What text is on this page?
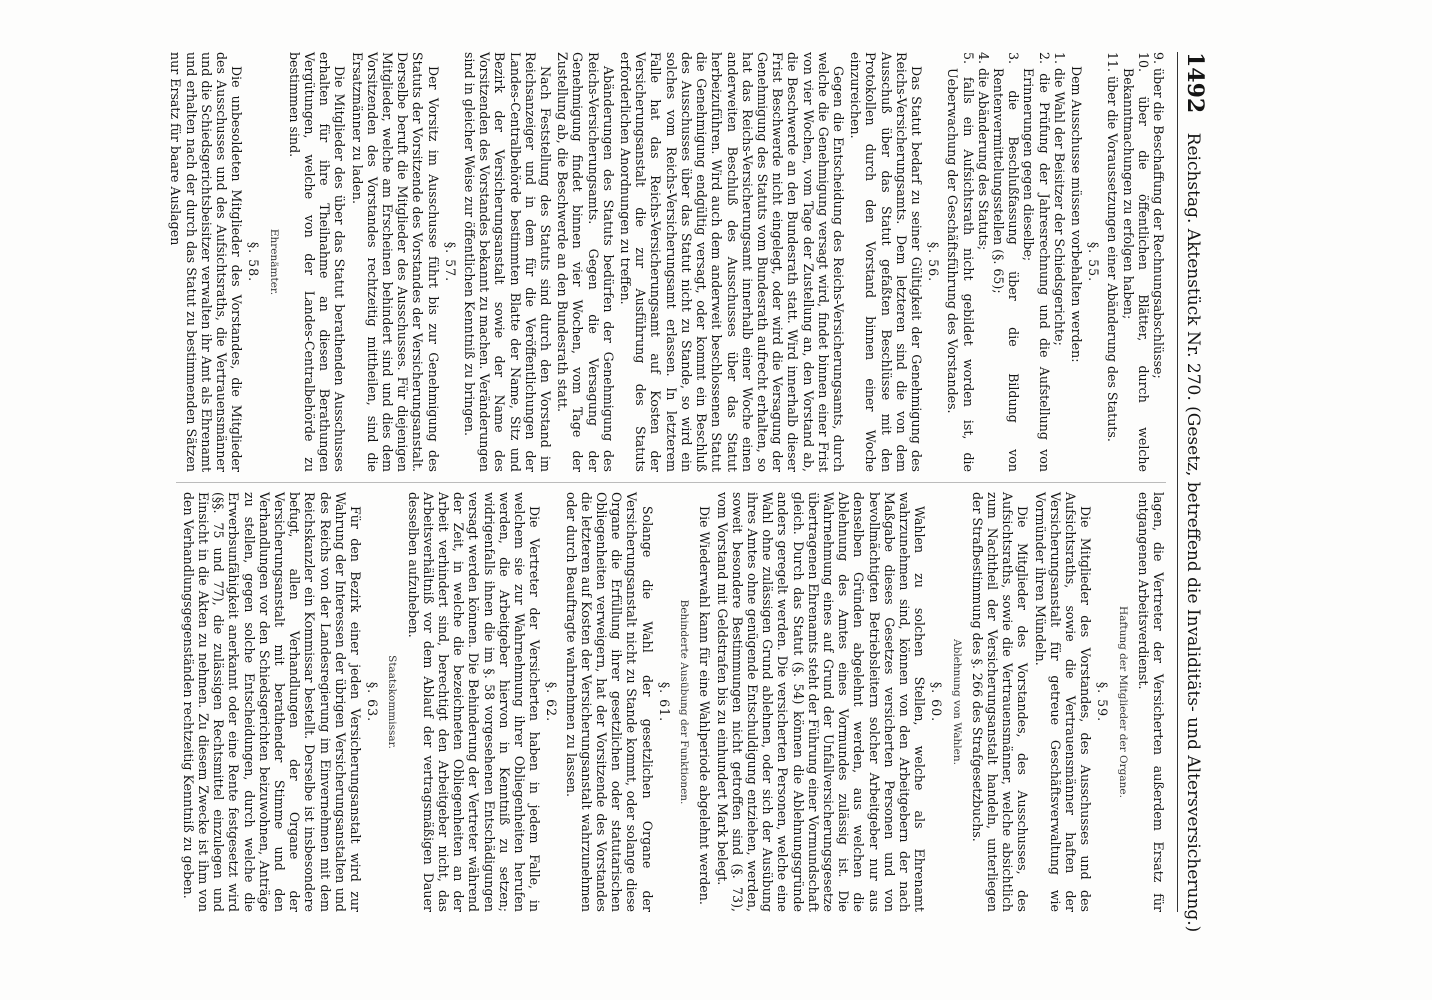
1492 Reichstag. Aktenstück Nr. 270. (Gesetz, betreffend die Invaliditäts- und Altersversicherung.)

9. über die Beschaffung der Rechnungsabschlüsse;

10. über die öffentlichen Blätter, durch welche Bekanntmachungen zu erfolgen haben;

11. über die Voraussetzungen einer Abänderung des Statuts.

§. 55.

Dem Ausschusse müssen vorbehalten werden:

1. die Wahl der Beisitzer der Schiedsgerichte;

2. die Prüfung der Jahresrechnung und die Aufstellung von Erinnerungen gegen dieselbe;

3. die Beschlußfassung über die Bildung von Rentenvermittelungsstellen (§. 65);

4. die Abänderung des Statuts;

5. falls ein Aufsichtsrath nicht gebildet worden ist, die Ueberwachung der Geschäftsführung des Vorstandes.

§. 56.

Das Statut bedarf zu seiner Gültigkeit der Genehmigung des Reichs-Versicherungsamts. Dem letzteren sind die von dem Ausschuß über das Statut gefaßten Beschlüsse mit den Protokollen durch den Vorstand binnen einer Woche einzureichen.

Gegen die Entscheidung des Reichs-Versicherungsamts, durch welche die Genehmigung versagt wird, findet binnen einer Frist von vier Wochen, vom Tage der Zustellung an, den Vorstand ab, die Beschwerde an den Bundesrath statt. Wird innerhalb dieser Frist Beschwerde nicht eingelegt, oder wird die Versagung der Genehmigung des Statuts vom Bundesrath aufrecht erhalten, so hat das Reichs-Versicherungsamt innerhalb einer Woche einen anderweiten Beschluß des Ausschusses über das Statut herbeizuführen. Wird auch dem anderweit beschlossenen Statut die Genehmigung endgültig versagt, oder kommt ein Beschluß des Ausschusses über das Statut nicht zu Stande, so wird ein solches vom Reichs-Versicherungsamt erlassen. In letzterem Falle hat das Reichs-Versicherungsamt auf Kosten der Versicherungsanstalt die zur Ausführung des Statuts erforderlichen Anordnungen zu treffen.

Abänderungen des Statuts bedürfen der Genehmigung des Reichs-Versicherungsamts. Gegen die Versagung der Genehmigung findet binnen vier Wochen, vom Tage der Zustellung ab, die Beschwerde an den Bundesrath statt.

Nach Feststellung des Statuts sind durch den Vorstand im Reichsanzeiger und in dem für die Veröffentlichungen der Landes-Centralbehörde bestimmten Blatte der Name, Sitz und Bezirk der Versicherungsanstalt sowie der Name des Vorsitzenden des Vorstandes bekannt zu machen. Veränderungen sind in gleicher Weise zur öffentlichen Kenntniß zu bringen.

§. 57.

Der Vorsitz im Ausschusse führt bis zur Genehmigung des Statuts der Vorsitzende des Vorstandes der Versicherungsanstalt. Derselbe beruft die Mitglieder des Ausschusses. Für diejenigen Mitglieder, welche am Erscheinen behindert sind und dies dem Vorsitzenden des Vorstandes rechtzeitig mittheilen, sind die Ersatzmänner zu laden.

Die Mitglieder des über das Statut berathenden Ausschusses erhalten für ihre Theilnahme an diesen Berathungen Vergütungen, welche von der Landes-Centralbehörde zu bestimmen sind.

Ehrenämter.
§. 58.

Die unbesoldeten Mitglieder des Vorstandes, die Mitglieder des Ausschusses und des Aufsichtsraths, die Vertrauensmänner und die Schiedsgerichtsbeisitzer verwalten ihr Amt als Ehrenamt und erhalten nach der durch das Statut zu bestimmenden Sätzen nur Ersatz für baare Auslagen

lagen, die Vertreter der Versicherten außerdem Ersatz für entgangenen Arbeitsverdienst.

Haftung der Mitglieder der Organe.
§. 59.

Die Mitglieder des Vorstandes, des Ausschusses und des Aufsichtsraths, sowie die Vertrauensmänner haften der Versicherungsanstalt für getreue Geschäftsverwaltung wie Vormünder ihren Mündeln.

Die Mitglieder des Vorstandes, des Ausschusses, des Aufsichtsraths, sowie die Vertrauensmänner, welche absichtlich zum Nachtheil der Versicherungsanstalt handeln, unterliegen der Strafbestimmung des §. 266 des Strafgesetzbuchs.

Ablehnung von Wahlen.
§. 60.

Wahlen zu solchen Stellen, welche als Ehrenamt wahrzunehmen sind, können von den Arbeitgebern der nach Maßgabe dieses Gesetzes versicherten Personen und von bevollmächtigten Betriebsleitern solcher Arbeitgeber nur aus denselben Gründen abgelehnt werden, aus welchen die Ablehnung des Amtes eines Vormundes zulässig ist. Die Wahrnehmung eines auf Grund der Unfallversicherungsgesetze übertragenen Ehrenamts steht der Führung einer Vormundschaft gleich. Durch das Statut (§. 54) können die Ablehnungsgründe anders geregelt werden. Die versicherten Personen, welche eine Wahl ohne zulässigen Grund ablehnen, oder sich der Ausübung ihres Amtes ohne genügende Entschuldigung entziehen, werden, soweit besondere Bestimmungen nicht getroffen sind (§. 73), vom Vorstand mit Geldstrafen bis zu einhundert Mark belegt.

Die Wiederwahl kann für eine Wahlperiode abgelehnt werden.

Behinderte Ausübung der Funktionen.
§. 61.

Solange die Wahl der gesetzlichen Organe der Versicherungsanstalt nicht zu Stande kommt, oder solange diese Organe die Erfüllung ihrer gesetzlichen oder statutarischen Obliegenheiten verweigern, hat der Vorsitzende des Vorstandes die letzteren auf Kosten der Versicherungsanstalt wahrzunehmen oder durch Beauftragte wahrnehmen zu lassen.

§. 62.

Die Vertreter der Versicherten haben in jedem Falle, in welchem sie zur Wahrnehmung ihrer Obliegenheiten herufen werden, die Arbeitgeber hiervon in Kenntniß zu setzen; widrigenfalls ihnen die im §. 58 vorgesehenen Entschädigungen versagt werden können. Die Behinderung der Vertreter während der Zeit, in welche die bezeichneten Obliegenheiten an der Arbeit verhindert sind, berechtigt den Arbeitgeber nicht, das Arbeitsverhältniß vor dem Ablauf der vertragsmäßigen Dauer desselben aufzuheben.

Staatskommissar.
§. 63.

Für den Bezirk einer jeden Versicherungsanstalt wird zur Wahrung der Interessen der übrigen Versicherungsanstalten und des Reichs von der Landesregierung im Einvernehmen mit dem Reichskanzler ein Kommissar bestellt. Derselbe ist insbesondere befugt, allen Verhandlungen der Organe der Versicherungsanstalt mit berathender Stimme und den Verhandlungen vor den Schiedsgerichten beizuwohnen, Anträge zu stellen, gegen solche Entscheidungen, durch welche die Erwerbsunfähigkeit anerkannt oder eine Rente festgesetzt wird (§§. 75 und 77), die zulässigen Rechtsmittel einzulegen und Einsicht in die Akten zu nehmen. Zu diesem Zwecke ist ihm von den Verhandlungsgegenständen rechtzeitig Kenntniß zu geben.
